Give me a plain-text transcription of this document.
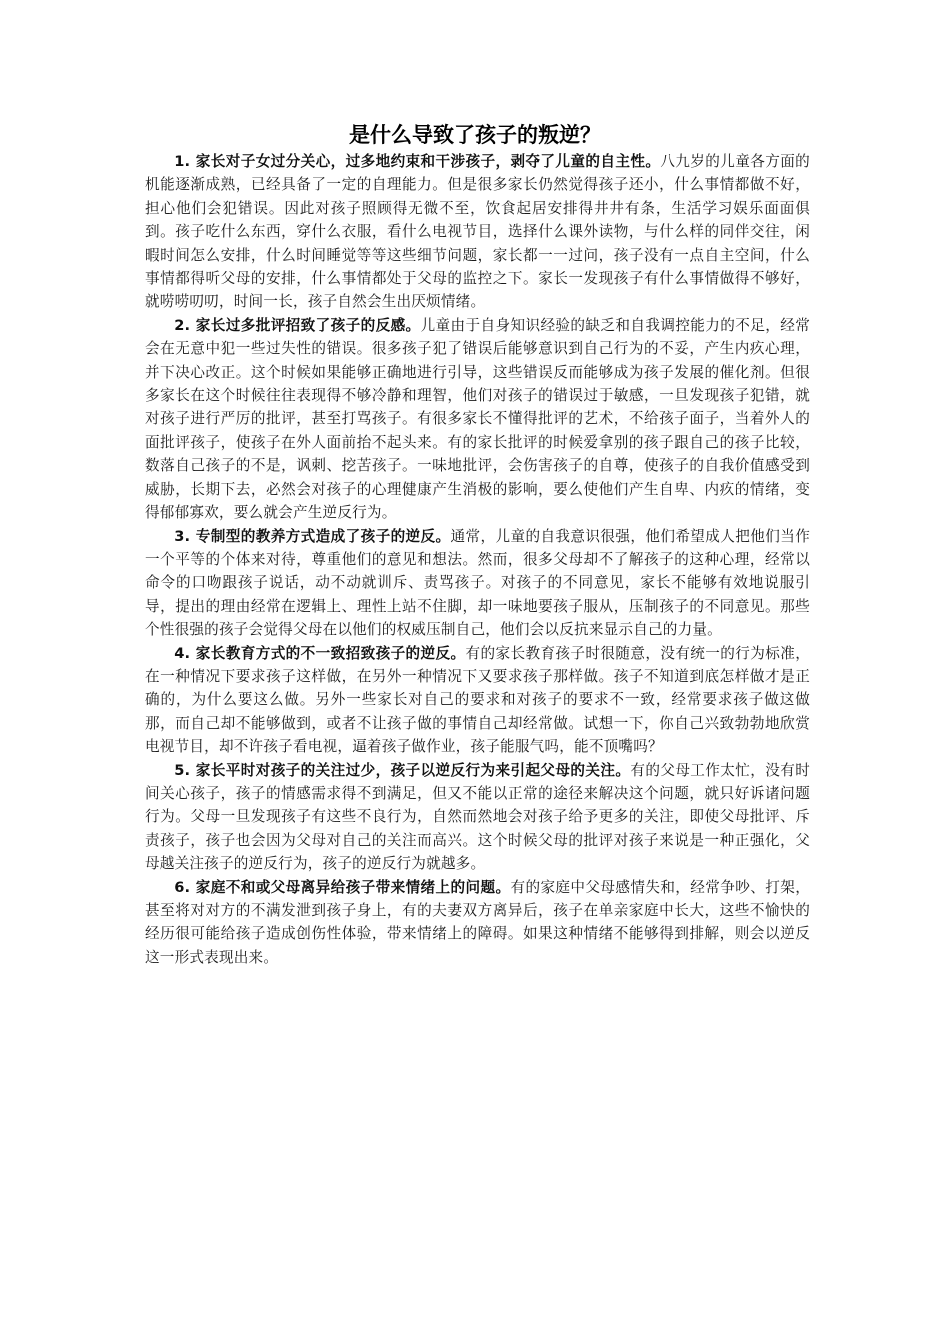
是什么导致了孩子的叛逆？

1. 家长对子女过分关心，过多地约束和干涉孩子，剥夺了儿童的自主性。八九岁的儿童各方面的机能逐渐成熟，已经具备了一定的自理能力。但是很多家长仍然觉得孩子还小，什么事情都做不好，担心他们会犯错误。因此对孩子照顾得无微不至，饮食起居安排得井井有条，生活学习娱乐面面俱到。孩子吃什么东西，穿什么衣服，看什么电视节目，选择什么课外读物，与什么样的同伴交往，闲暇时间怎么安排，什么时间睡觉等等这些细节问题，家长都一一过问，孩子没有一点自主空间，什么事情都得听父母的安排，什么事情都处于父母的监控之下。家长一发现孩子有什么事情做得不够好，就唠唠叨叨，时间一长，孩子自然会生出厌烦情绪。

2. 家长过多批评招致了孩子的反感。儿童由于自身知识经验的缺乏和自我调控能力的不足，经常会在无意中犯一些过失性的错误。很多孩子犯了错误后能够意识到自己行为的不妥，产生内疚心理，并下决心改正。这个时候如果能够正确地进行引导，这些错误反而能够成为孩子发展的催化剂。但很多家长在这个时候往往表现得不够冷静和理智，他们对孩子的错误过于敏感，一旦发现孩子犯错，就对孩子进行严厉的批评，甚至打骂孩子。有很多家长不懂得批评的艺术，不给孩子面子，当着外人的面批评孩子，使孩子在外人面前抬不起头来。有的家长批评的时候爱拿别的孩子跟自己的孩子比较，数落自己孩子的不是，讽刺、挖苦孩子。一味地批评，会伤害孩子的自尊，使孩子的自我价值感受到威胁，长期下去，必然会对孩子的心理健康产生消极的影响，要么使他们产生自卑、内疚的情绪，变得郁郁寡欢，要么就会产生逆反行为。

3. 专制型的教养方式造成了孩子的逆反。通常，儿童的自我意识很强，他们希望成人把他们当作一个平等的个体来对待，尊重他们的意见和想法。然而，很多父母却不了解孩子的这种心理，经常以命令的口吻跟孩子说话，动不动就训斥、责骂孩子。对孩子的不同意见，家长不能够有效地说服引导，提出的理由经常在逻辑上、理性上站不住脚，却一味地要孩子服从，压制孩子的不同意见。那些个性很强的孩子会觉得父母在以他们的权威压制自己，他们会以反抗来显示自己的力量。

4. 家长教育方式的不一致招致孩子的逆反。有的家长教育孩子时很随意，没有统一的行为标准，在一种情况下要求孩子这样做，在另外一种情况下又要求孩子那样做。孩子不知道到底怎样做才是正确的，为什么要这么做。另外一些家长对自己的要求和对孩子的要求不一致，经常要求孩子做这做那，而自己却不能够做到，或者不让孩子做的事情自己却经常做。试想一下，你自己兴致勃勃地欣赏电视节目，却不许孩子看电视，逼着孩子做作业，孩子能服气吗，能不顶嘴吗？

5. 家长平时对孩子的关注过少，孩子以逆反行为来引起父母的关注。有的父母工作太忙，没有时间关心孩子，孩子的情感需求得不到满足，但又不能以正常的途径来解决这个问题，就只好诉诸问题行为。父母一旦发现孩子有这些不良行为，自然而然地会对孩子给予更多的关注，即使父母批评、斥责孩子，孩子也会因为父母对自己的关注而高兴。这个时候父母的批评对孩子来说是一种正强化，父母越关注孩子的逆反行为，孩子的逆反行为就越多。

6. 家庭不和或父母离异给孩子带来情绪上的问题。有的家庭中父母感情失和，经常争吵、打架，甚至将对对方的不满发泄到孩子身上，有的夫妻双方离异后，孩子在单亲家庭中长大，这些不愉快的经历很可能给孩子造成创伤性体验，带来情绪上的障碍。如果这种情绪不能够得到排解，则会以逆反这一形式表现出来。
